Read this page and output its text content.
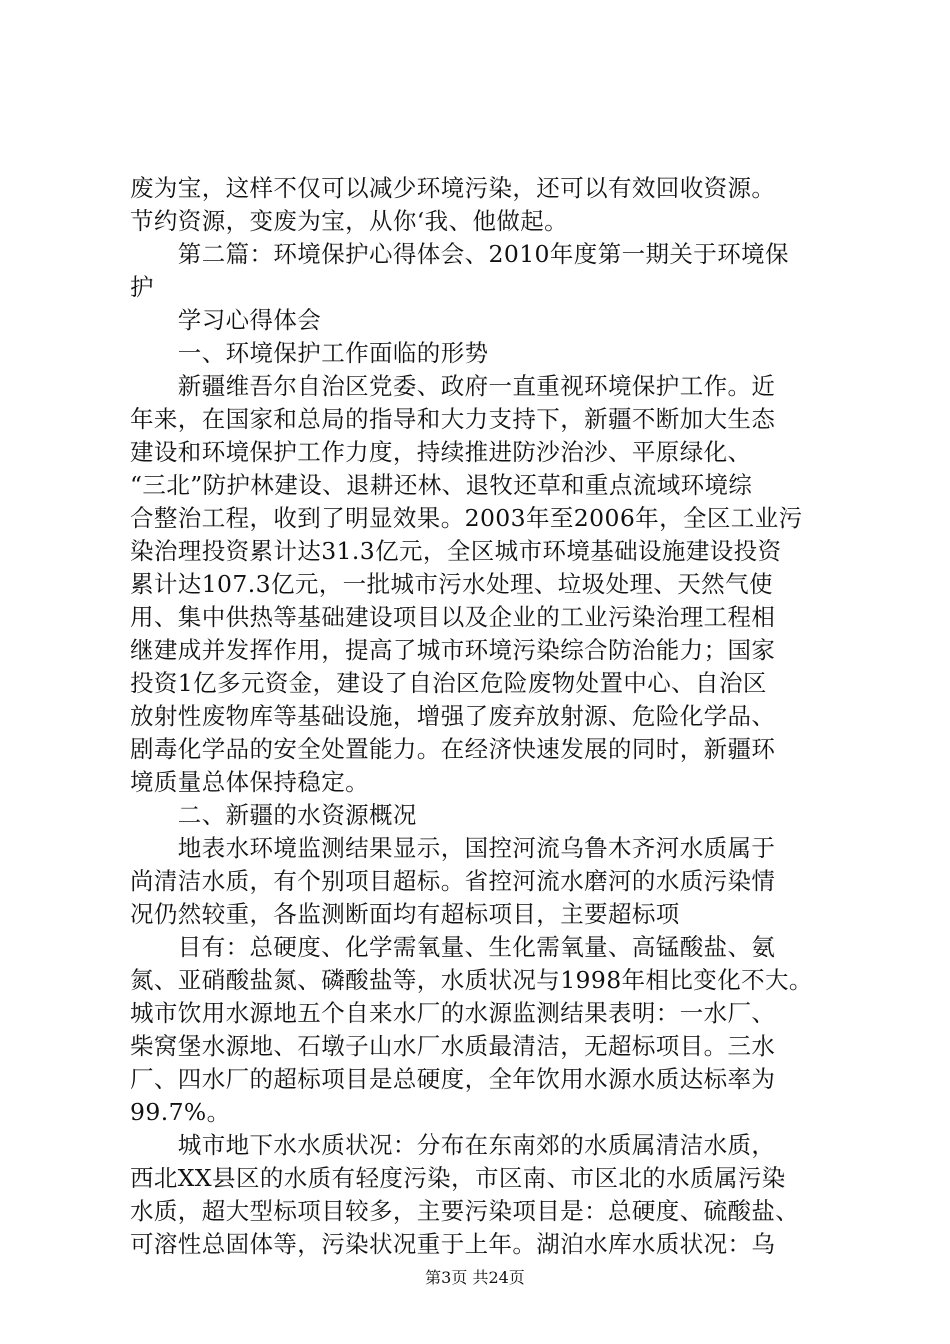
废为宝，这样不仅可以减少环境污染，还可以有效回收资源。
节约资源，变废为宝，从你‘我、他做起。
　　第二篇：环境保护心得体会、2010年度第一期关于环境保
护
　　学习心得体会
　　一、环境保护工作面临的形势
　　新疆维吾尔自治区党委、政府一直重视环境保护工作。近
年来，在国家和总局的指导和大力支持下，新疆不断加大生态
建设和环境保护工作力度，持续推进防沙治沙、平原绿化、
“三北”防护林建设、退耕还林、退牧还草和重点流域环境综
合整治工程，收到了明显效果。2003年至2006年，全区工业污
染治理投资累计达31.3亿元，全区城市环境基础设施建设投资
累计达107.3亿元，一批城市污水处理、垃圾处理、天然气使
用、集中供热等基础建设项目以及企业的工业污染治理工程相
继建成并发挥作用，提高了城市环境污染综合防治能力；国家
投资1亿多元资金，建设了自治区危险废物处置中心、自治区
放射性废物库等基础设施，增强了废弃放射源、危险化学品、
剧毒化学品的安全处置能力。在经济快速发展的同时，新疆环
境质量总体保持稳定。
　　二、新疆的水资源概况
　　地表水环境监测结果显示，国控河流乌鲁木齐河水质属于
尚清洁水质，有个别项目超标。省控河流水磨河的水质污染情
况仍然较重，各监测断面均有超标项目，主要超标项
　　目有：总硬度、化学需氧量、生化需氧量、高锰酸盐、氨
氮、亚硝酸盐氮、磷酸盐等，水质状况与1998年相比变化不大。
城市饮用水源地五个自来水厂的水源监测结果表明：一水厂、
柴窝堡水源地、石墩子山水厂水质最清洁，无超标项目。三水
厂、四水厂的超标项目是总硬度，全年饮用水源水质达标率为
99.7%。
　　城市地下水水质状况：分布在东南郊的水质属清洁水质，
西北XX县区的水质有轻度污染，市区南、市区北的水质属污染
水质，超大型标项目较多，主要污染项目是：总硬度、硫酸盐、
可溶性总固体等，污染状况重于上年。湖泊水库水质状况：乌
第3页 共24页
